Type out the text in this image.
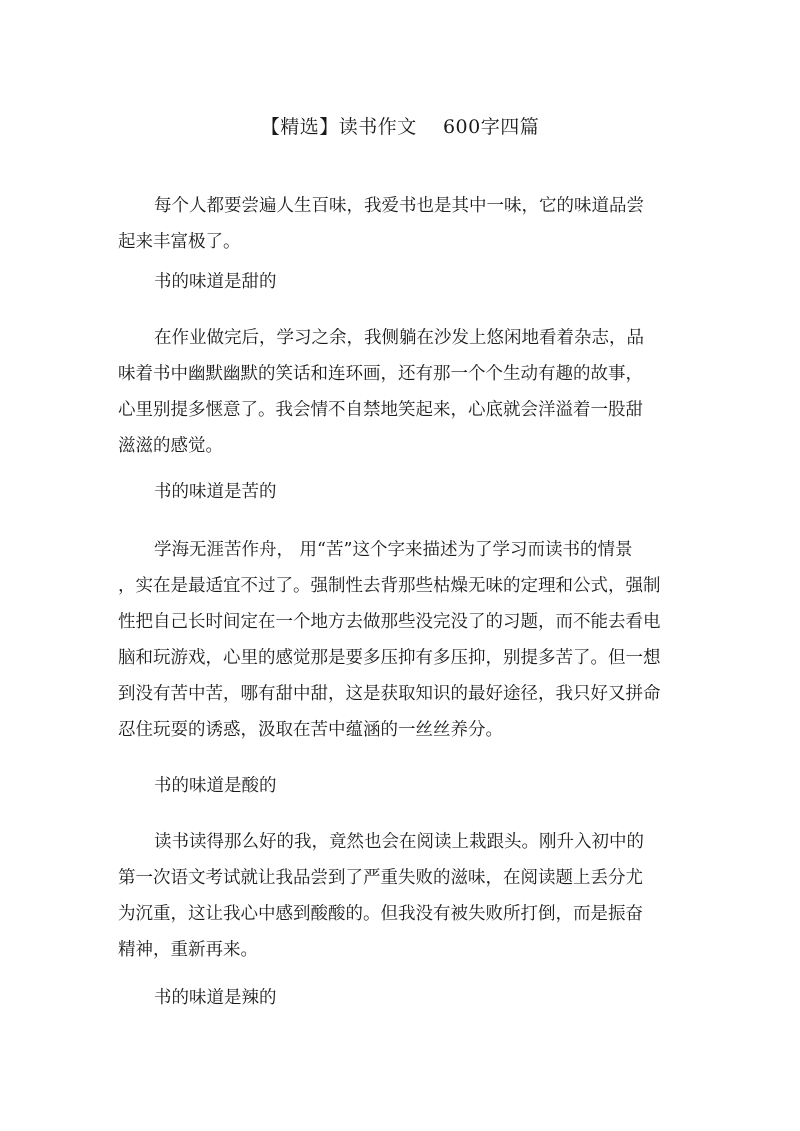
【精选】读书作文    600字四篇
每个人都要尝遍人生百味，我爱书也是其中一味，它的味道品尝
起来丰富极了。
书的味道是甜的
在作业做完后，学习之余，我侧躺在沙发上悠闲地看着杂志，品
味着书中幽默幽默的笑话和连环画，还有那一个个生动有趣的故事，
心里别提多惬意了。我会情不自禁地笑起来，心底就会洋溢着一股甜
滋滋的感觉。
书的味道是苦的
学海无涯苦作舟， 用“苦”这个字来描述为了学习而读书的情景
，实在是最适宜不过了。强制性去背那些枯燥无味的定理和公式，强制
性把自己长时间定在一个地方去做那些没完没了的习题，而不能去看电
脑和玩游戏，心里的感觉那是要多压抑有多压抑，别提多苦了。但一想
到没有苦中苦，哪有甜中甜，这是获取知识的最好途径，我只好又拼命
忍住玩耍的诱惑，汲取在苦中蕴涵的一丝丝养分。
书的味道是酸的
读书读得那么好的我，竟然也会在阅读上栽跟头。刚升入初中的
第一次语文考试就让我品尝到了严重失败的滋味，在阅读题上丢分尤
为沉重，这让我心中感到酸酸的。但我没有被失败所打倒，而是振奋
精神，重新再来。
书的味道是辣的
